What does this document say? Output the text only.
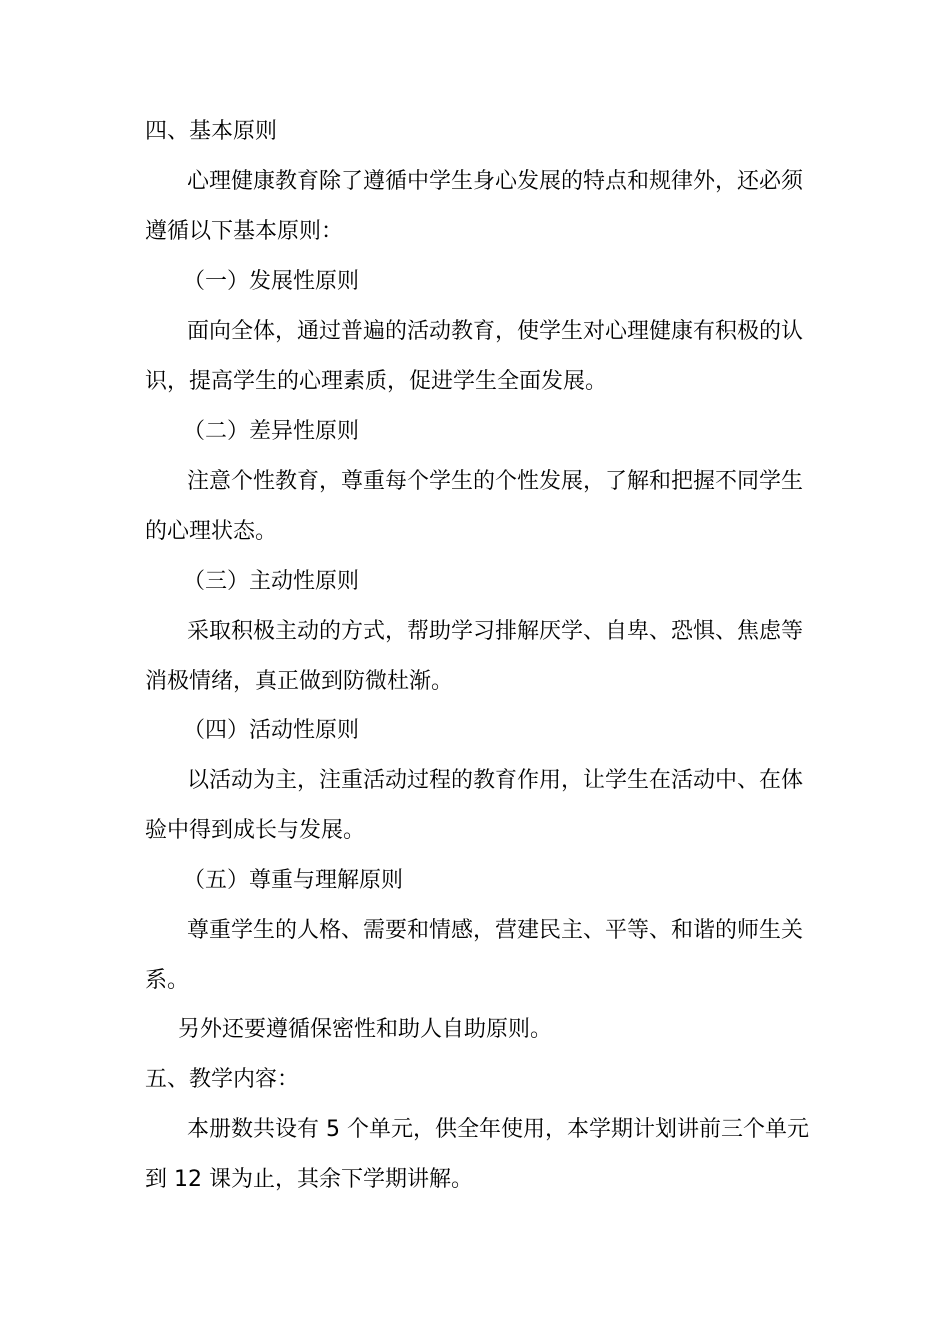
四、基本原则
心理健康教育除了遵循中学生身心发展的特点和规律外，还必须
遵循以下基本原则：
（一）发展性原则
面向全体，通过普遍的活动教育，使学生对心理健康有积极的认
识，提高学生的心理素质，促进学生全面发展。
（二）差异性原则
注意个性教育，尊重每个学生的个性发展，了解和把握不同学生
的心理状态。
（三）主动性原则
采取积极主动的方式，帮助学习排解厌学、自卑、恐惧、焦虑等
消极情绪，真正做到防微杜渐。
（四）活动性原则
以活动为主，注重活动过程的教育作用，让学生在活动中、在体
验中得到成长与发展。
（五）尊重与理解原则
尊重学生的人格、需要和情感，营建民主、平等、和谐的师生关
系。
另外还要遵循保密性和助人自助原则。
五、教学内容：
本册数共设有 5 个单元，供全年使用，本学期计划讲前三个单元
到 12 课为止，其余下学期讲解。
